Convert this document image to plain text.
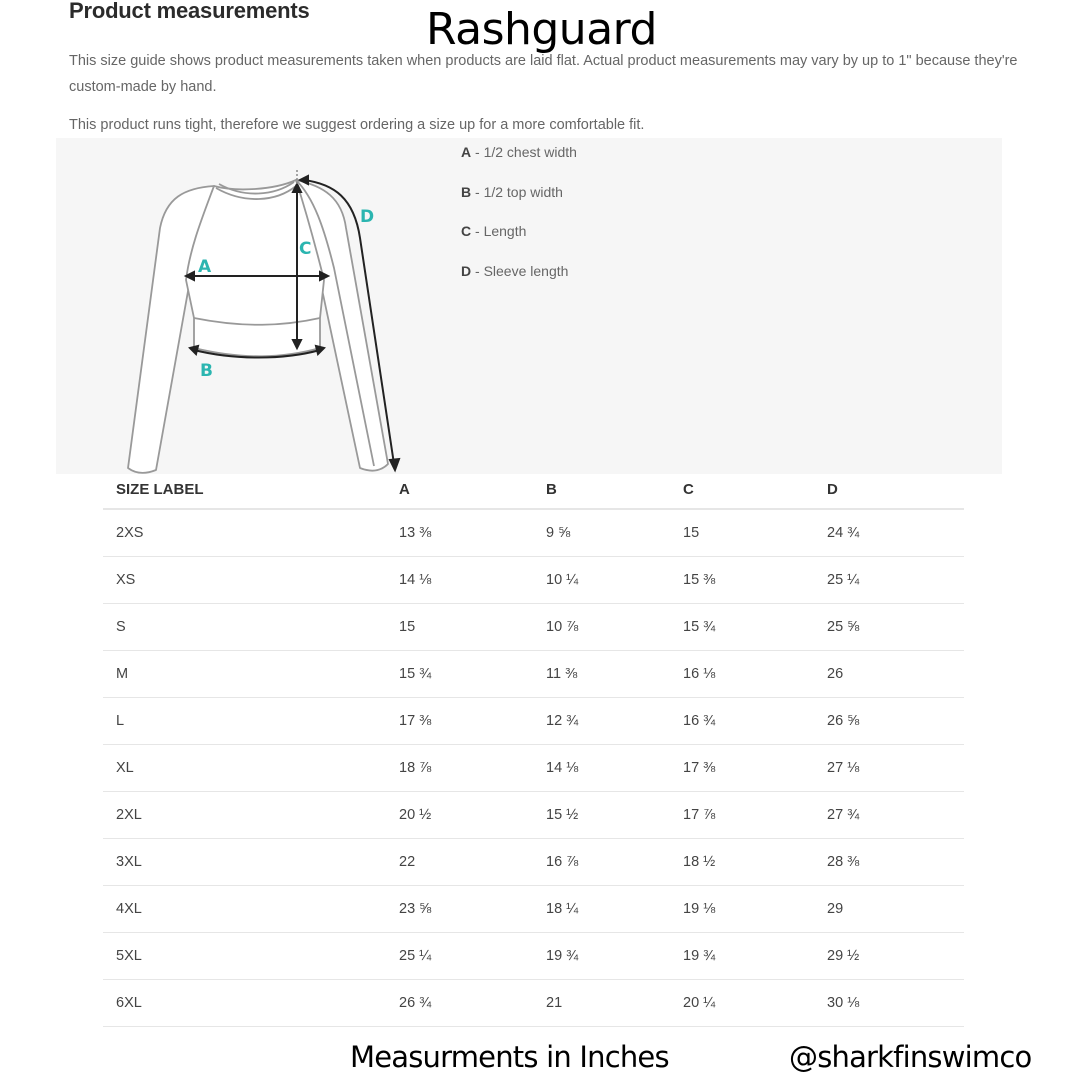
Product measurements	Rashguard
This size guide shows product measurements taken when products are laid flat. Actual product measurements may vary by up to 1" because they're custom-made by hand.
This product runs tight, therefore we suggest ordering a size up for a more comfortable fit.
A
B
C
D
A - 1/2 chest width
B - 1/2 top width
C - Length
D - Sleeve length
SIZE LABEL	A	B	C	D
2XS	13 ⅜	9 ⅝	15	24 ¾
XS	14 ⅛	10 ¼	15 ⅜	25 ¼
S	15	10 ⅞	15 ¾	25 ⅝
M	15 ¾	11 ⅜	16 ⅛	26
L	17 ⅜	12 ¾	16 ¾	26 ⅝
XL	18 ⅞	14 ⅛	17 ⅜	27 ⅛
2XL	20 ½	15 ½	17 ⅞	27 ¾
3XL	22	16 ⅞	18 ½	28 ⅜
4XL	23 ⅝	18 ¼	19 ⅛	29
5XL	25 ¼	19 ¾	19 ¾	29 ½
6XL	26 ¾	21	20 ¼	30 ⅛
Measurments in Inches	@sharkfinswimco
